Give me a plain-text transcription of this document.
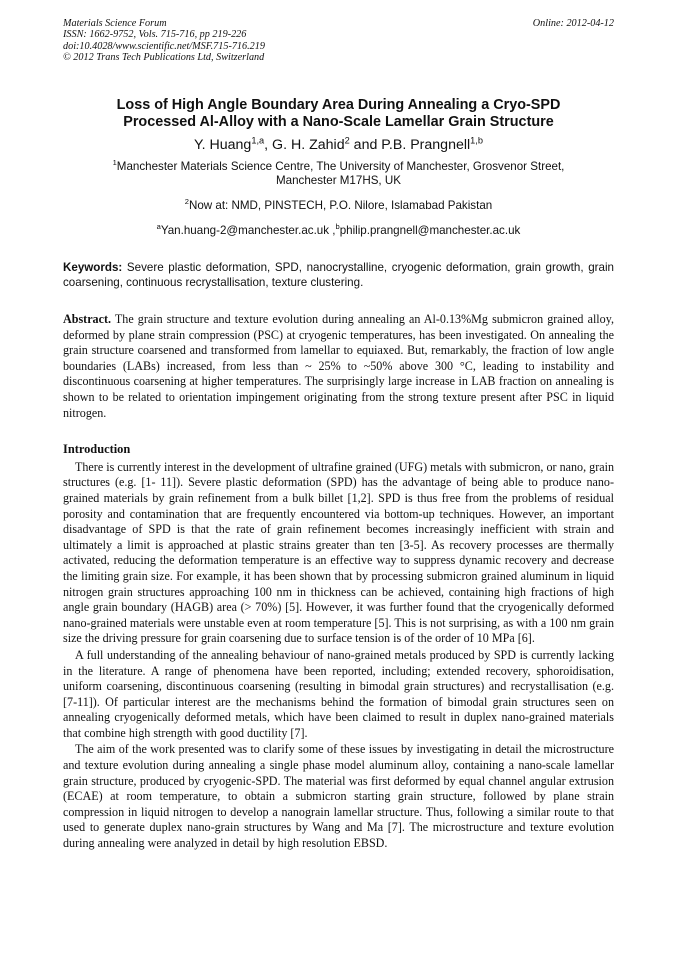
Materials Science Forum
ISSN: 1662-9752, Vols. 715-716, pp 219-226
doi:10.4028/www.scientific.net/MSF.715-716.219
© 2012 Trans Tech Publications Ltd, Switzerland
Online: 2012-04-12
Loss of High Angle Boundary Area During Annealing a Cryo-SPD
Processed Al-Alloy with a Nano-Scale Lamellar Grain Structure
Y. Huang$^{1,a}$, G. H. Zahid$^2$ and P.B. Prangnell$^{1,b}$
$^1$Manchester Materials Science Centre, The University of Manchester, Grosvenor Street,
Manchester M17HS, UK
$^2$Now at: NMD, PINSTECH, P.O. Nilore, Islamabad Pakistan
$^a$Yan.huang-2@manchester.ac.uk ,$^b$philip.prangnell@manchester.ac.uk
Keywords: Severe plastic deformation, SPD, nanocrystalline, cryogenic deformation, grain growth, grain coarsening, continuous recrystallisation, texture clustering.
Abstract. The grain structure and texture evolution during annealing an Al-0.13%Mg submicron grained alloy, deformed by plane strain compression (PSC) at cryogenic temperatures, has been investigated. On annealing the grain structure coarsened and transformed from lamellar to equiaxed. But, remarkably, the fraction of low angle boundaries (LABs) increased, from less than ~ 25% to ~50% above 300 °C, leading to instability and discontinuous coarsening at higher temperatures. The surprisingly large increase in LAB fraction on annealing is shown to be related to orientation impingement originating from the strong texture present after PSC in liquid nitrogen.
Introduction

There is currently interest in the development of ultrafine grained (UFG) metals with submicron, or nano, grain structures (e.g. [1- 11]). Severe plastic deformation (SPD) has the advantage of being able to produce nano-grained materials by grain refinement from a bulk billet [1,2]. SPD is thus free from the problems of residual porosity and contamination that are frequently encountered via bottom-up techniques. However, an important disadvantage of SPD is that the rate of grain refinement becomes increasingly inefficient with strain and ultimately a limit is approached at plastic strains greater than ten [3-5]. As recovery processes are thermally activated, reducing the deformation temperature is an effective way to suppress dynamic recovery and decrease the limiting grain size. For example, it has been shown that by processing submicron grained aluminum in liquid nitrogen grain structures approaching 100 nm in thickness can be achieved, containing high fractions of high angle grain boundary (HAGB) area (> 70%) [5]. However, it was further found that the cryogenically deformed nano-grained materials were unstable even at room temperature [5]. This is not surprising, as with a 100 nm grain size the driving pressure for grain coarsening due to surface tension is of the order of 10 MPa [6].

A full understanding of the annealing behaviour of nano-grained metals produced by SPD is currently lacking in the literature. A range of phenomena have been reported, including; extended recovery, sphoroidisation, uniform coarsening, discontinuous coarsening (resulting in bimodal grain structures) and recrystallisation (e.g. [7-11]). Of particular interest are the mechanisms behind the formation of bimodal grain structures seen on annealing cryogenically deformed metals, which have been claimed to result in duplex nano-grained materials that combine high strength with good ductility [7].

The aim of the work presented was to clarify some of these issues by investigating in detail the microstructure and texture evolution during annealing a single phase model aluminum alloy, containing a nano-scale lamellar grain structure, produced by cryogenic-SPD. The material was first deformed by equal channel angular extrusion (ECAE) at room temperature, to obtain a submicron starting grain structure, followed by plane strain compression in liquid nitrogen to develop a nanograin lamellar structure. Thus, following a similar route to that used to generate duplex nano-grain structures by Wang and Ma [7]. The microstructure and texture evolution during annealing were analyzed in detail by high resolution EBSD.
